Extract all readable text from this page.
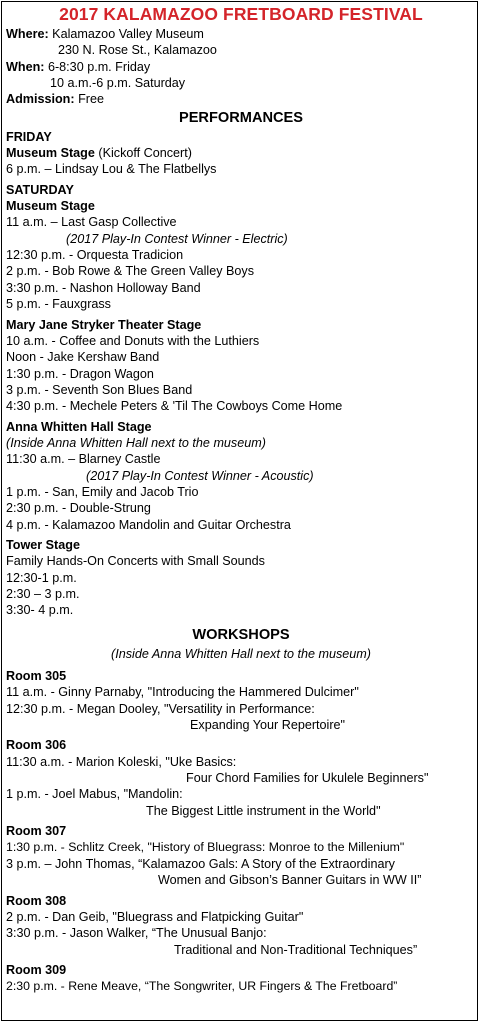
2017 KALAMAZOO FRETBOARD FESTIVAL
Where: Kalamazoo Valley Museum
230 N. Rose St., Kalamazoo
When: 6-8:30 p.m. Friday
10 a.m.-6 p.m. Saturday
Admission: Free
PERFORMANCES
FRIDAY
Museum Stage (Kickoff Concert)
6 p.m. – Lindsay Lou & The Flatbellys
SATURDAY
Museum Stage
11 a.m. – Last Gasp Collective
(2017 Play-In Contest Winner - Electric)
12:30 p.m. - Orquesta Tradicion
2 p.m. - Bob Rowe & The Green Valley Boys
3:30 p.m. - Nashon Holloway Band
5 p.m. - Fauxgrass
Mary Jane Stryker Theater Stage
10 a.m. - Coffee and Donuts with the Luthiers
Noon - Jake Kershaw Band
1:30 p.m. - Dragon Wagon
3 p.m. - Seventh Son Blues Band
4:30 p.m. - Mechele Peters & 'Til The Cowboys Come Home
Anna Whitten Hall Stage
(Inside Anna Whitten Hall next to the museum)
11:30 a.m. – Blarney Castle
(2017 Play-In Contest Winner - Acoustic)
1 p.m. - San, Emily and Jacob Trio
2:30 p.m. - Double-Strung
4 p.m. - Kalamazoo Mandolin and Guitar Orchestra
Tower Stage
Family Hands-On Concerts with Small Sounds
12:30-1 p.m.
2:30 – 3 p.m.
3:30- 4 p.m.
WORKSHOPS
(Inside Anna Whitten Hall next to the museum)
Room 305
11 a.m. - Ginny Parnaby, "Introducing the Hammered Dulcimer"
12:30 p.m. - Megan Dooley, "Versatility in Performance:
Expanding Your Repertoire"
Room 306
11:30 a.m. - Marion Koleski, "Uke Basics:
Four Chord Families for Ukulele Beginners"
1 p.m. - Joel Mabus, "Mandolin:
The Biggest Little instrument in the World"
Room 307
1:30 p.m. - Schlitz Creek, "History of Bluegrass: Monroe to the Millenium"
3 p.m. – John Thomas, “Kalamazoo Gals: A Story of the Extraordinary
Women and Gibson’s Banner Guitars in WW II”
Room 308
2 p.m. - Dan Geib, "Bluegrass and Flatpicking Guitar"
3:30 p.m. - Jason Walker, “The Unusual Banjo:
Traditional and Non-Traditional Techniques”
Room 309
2:30 p.m. - Rene Meave, “The Songwriter, UR Fingers & The Fretboard”
